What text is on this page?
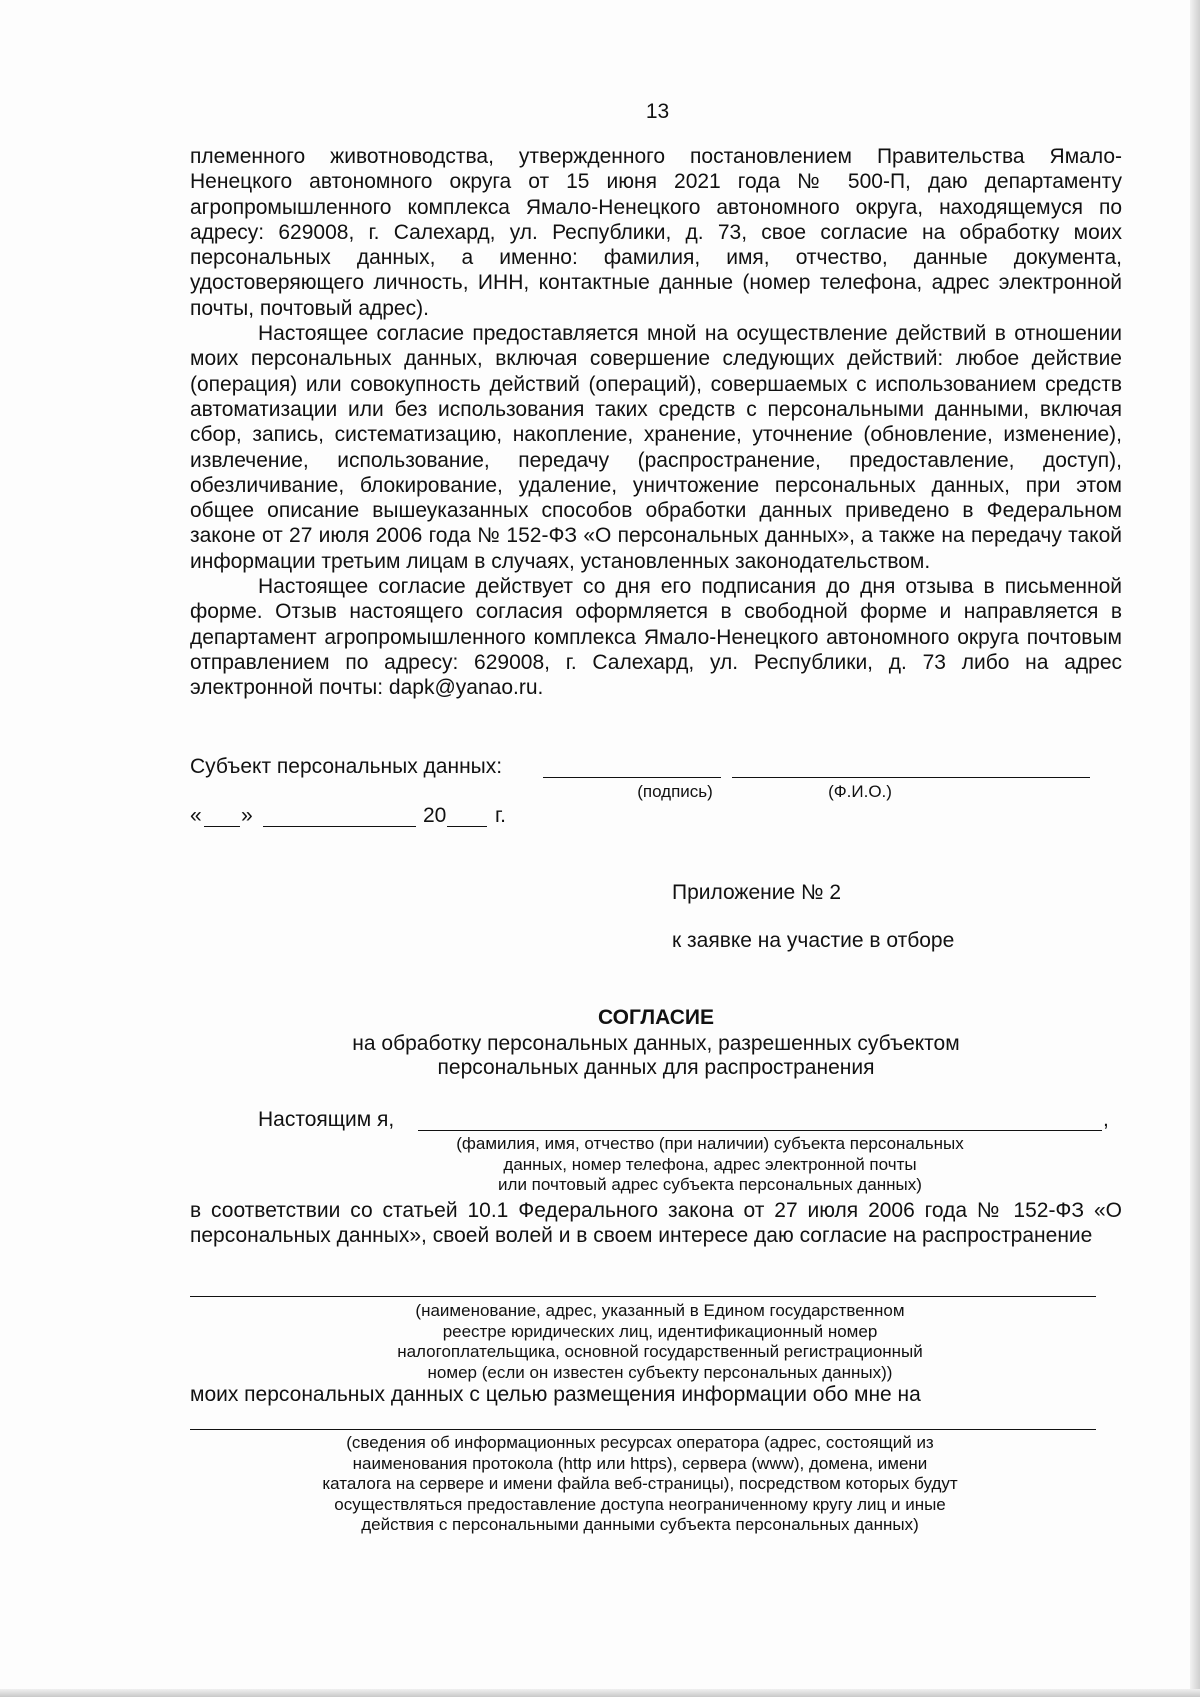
13

племенного животноводства, утвержденного постановлением Правительства Ямало-Ненецкого автономного округа от 15 июня 2021 года № 500-П, даю департаменту агропромышленного комплекса Ямало-Ненецкого автономного округа, находящемуся по адресу: 629008, г. Салехард, ул. Республики, д. 73, свое согласие на обработку моих персональных данных, а именно: фамилия, имя, отчество, данные документа, удостоверяющего личность, ИНН, контактные данные (номер телефона, адрес электронной почты, почтовый адрес).

Настоящее согласие предоставляется мной на осуществление действий в отношении моих персональных данных, включая совершение следующих действий: любое действие (операция) или совокупность действий (операций), совершаемых с использованием средств автоматизации или без использования таких средств с персональными данными, включая сбор, запись, систематизацию, накопление, хранение, уточнение (обновление, изменение), извлечение, использование, передачу (распространение, предоставление, доступ), обезличивание, блокирование, удаление, уничтожение персональных данных, при этом общее описание вышеуказанных способов обработки данных приведено в Федеральном законе от 27 июля 2006 года № 152-ФЗ «О персональных данных», а также на передачу такой информации третьим лицам в случаях, установленных законодательством.

Настоящее согласие действует со дня его подписания до дня отзыва в письменной форме. Отзыв настоящего согласия оформляется в свободной форме и направляется в департамент агропромышленного комплекса Ямало-Ненецкого автономного округа почтовым отправлением по адресу: 629008, г. Салехард, ул. Республики, д. 73 либо на адрес электронной почты: dapk@yanao.ru.

Субъект персональных данных:
(подпись)	(Ф.И.О.)
« »	20 г.
Приложение № 2
к заявке на участие в отборе
СОГЛАСИЕ
на обработку персональных данных, разрешенных субъектом
персональных данных для распространения
Настоящим я,	,
(фамилия, имя, отчество (при наличии) субъекта персональных
данных, номер телефона, адрес электронной почты
или почтовый адрес субъекта персональных данных)

в соответствии со статьей 10.1 Федерального закона от 27 июля 2006 года № 152-ФЗ «О персональных данных», своей волей и в своем интересе даю согласие на распространение

(наименование, адрес, указанный в Едином государственном
реестре юридических лиц, идентификационный номер
налогоплательщика, основной государственный регистрационный
номер (если он известен субъекту персональных данных))
моих персональных данных с целью размещения информации обо мне на
(сведения об информационных ресурсах оператора (адрес, состоящий из
наименования протокола (http или https), сервера (www), домена, имени
каталога на сервере и имени файла веб-страницы), посредством которых будут
осуществляться предоставление доступа неограниченному кругу лиц и иные
действия с персональными данными субъекта персональных данных)
